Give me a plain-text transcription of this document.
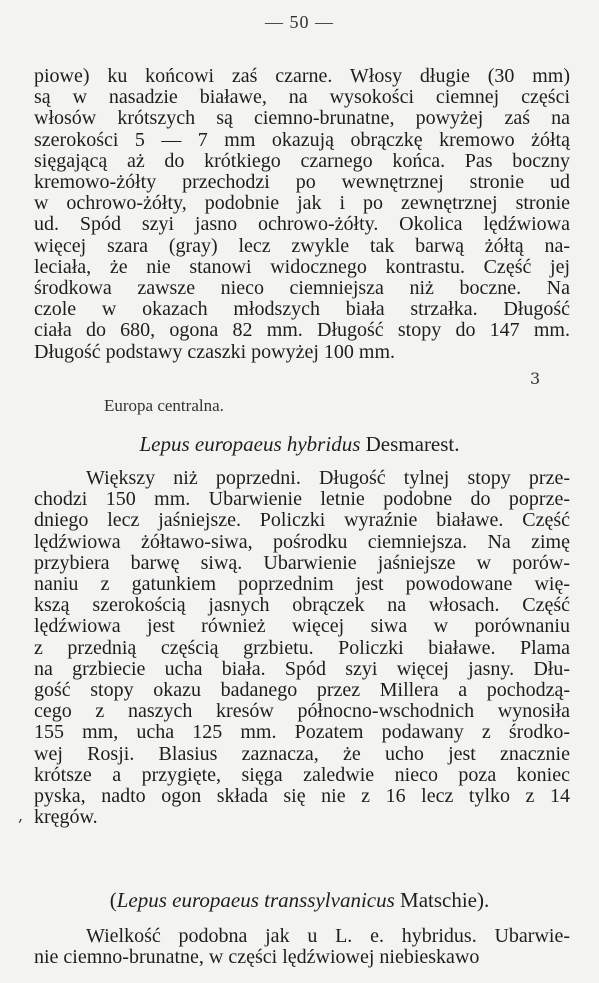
— 50 —
piowe) ku końcowi zaś czarne. Włosy długie (30 mm)
są w nasadzie białawe, na wysokości ciemnej części
włosów krótszych są ciemno-brunatne, powyżej zaś na
szerokości 5 — 7 mm okazują obrączkę kremowo żółtą
sięgającą aż do krótkiego czarnego końca. Pas boczny
kremowo-żółty przechodzi po wewnętrznej stronie ud
w ochrowo-żółty, podobnie jak i po zewnętrznej stronie
ud. Spód szyi jasno ochrowo-żółty. Okolica lędźwiowa
więcej szara (gray) lecz zwykle tak barwą żółtą na-
leciała, że nie stanowi widocznego kontrastu. Część jej
środkowa zawsze nieco ciemniejsza niż boczne. Na
czole w okazach młodszych biała strzałka. Długość
ciała do 680, ogona 82 mm. Długość stopy do 147 mm.
Długość podstawy czaszki powyżej 100 mm.
3
Europa centralna.
Lepus europaeus hybridus Desmarest.
Większy niż poprzedni. Długość tylnej stopy prze-
chodzi 150 mm. Ubarwienie letnie podobne do poprze-
dniego lecz jaśniejsze. Policzki wyraźnie białawe. Część
lędźwiowa żółtawo-siwa, pośrodku ciemniejsza. Na zimę
przybiera barwę siwą. Ubarwienie jaśniejsze w porów-
naniu z gatunkiem poprzednim jest powodowane wię-
kszą szerokością jasnych obrączek na włosach. Część
lędźwiowa jest również więcej siwa w porównaniu
z przednią częścią grzbietu. Policzki białawe. Plama
na grzbiecie ucha biała. Spód szyi więcej jasny. Dłu-
gość stopy okazu badanego przez Millera a pochodzą-
cego z naszych kresów północno-wschodnich wynosiła
155 mm, ucha 125 mm. Pozatem podawany z środko-
wej Rosji. Blasius zaznacza, że ucho jest znacznie
krótsze a przygięte, sięga zaledwie nieco poza koniec
pyska, nadto ogon składa się nie z 16 lecz tylko z 14
kręgów.
,
(Lepus europaeus transsylvanicus Matschie).
Wielkość podobna jak u L. e. hybridus. Ubarwie-
nie ciemno-brunatne, w części lędźwiowej niebieskawo
